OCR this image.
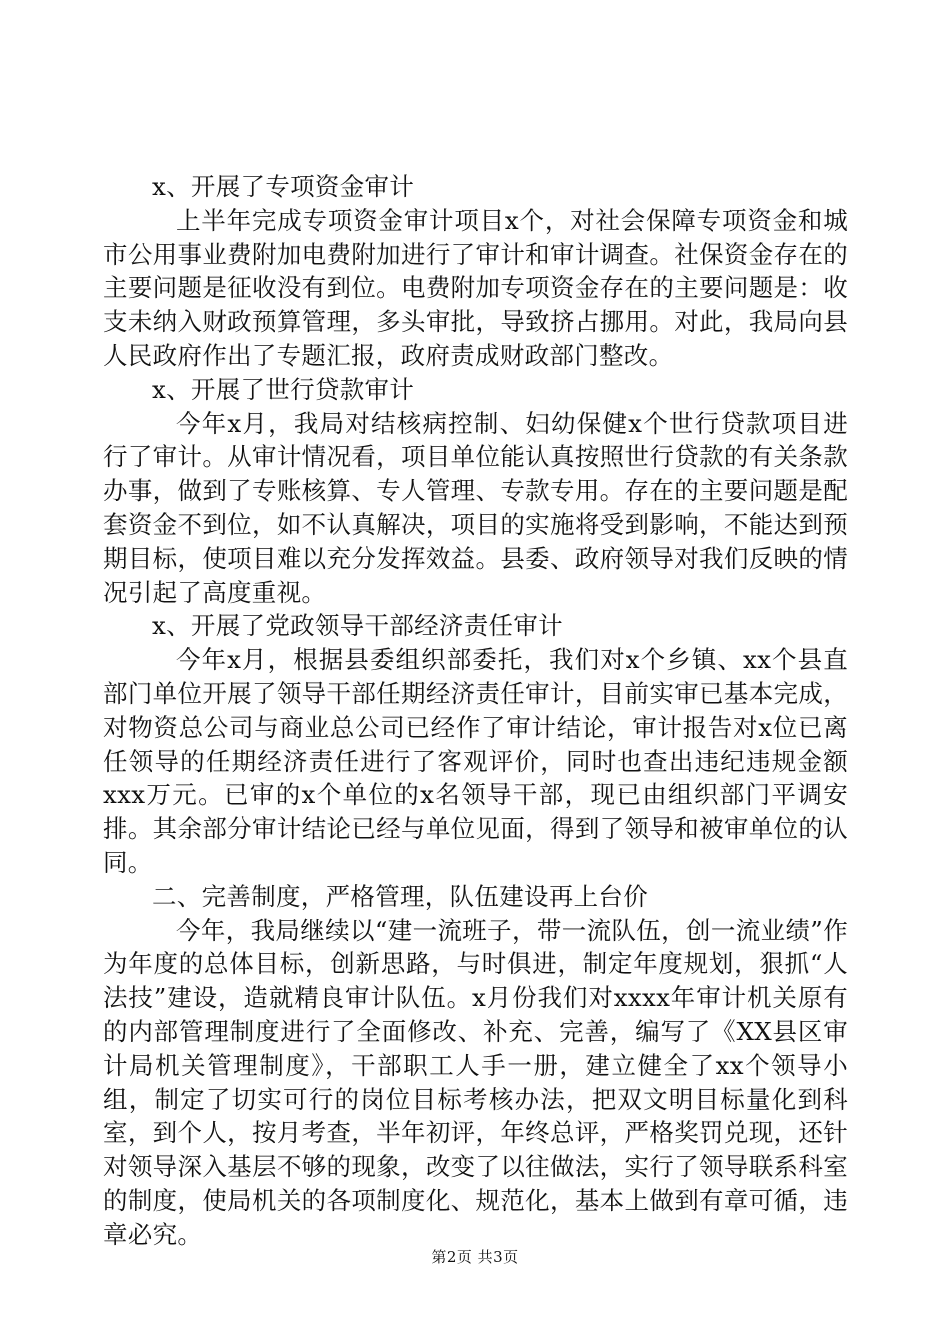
x、开展了专项资金审计

上半年完成专项资金审计项目x个，对社会保障专项资金和城市公用事业费附加电费附加进行了审计和审计调查。社保资金存在的主要问题是征收没有到位。电费附加专项资金存在的主要问题是：收支未纳入财政预算管理，多头审批，导致挤占挪用。对此，我局向县人民政府作出了专题汇报，政府责成财政部门整改。

x、开展了世行贷款审计

今年x月，我局对结核病控制、妇幼保健x个世行贷款项目进行了审计。从审计情况看，项目单位能认真按照世行贷款的有关条款办事，做到了专账核算、专人管理、专款专用。存在的主要问题是配套资金不到位，如不认真解决，项目的实施将受到影响，不能达到预期目标，使项目难以充分发挥效益。县委、政府领导对我们反映的情况引起了高度重视。

x、开展了党政领导干部经济责任审计

今年x月，根据县委组织部委托，我们对x个乡镇、xx个县直部门单位开展了领导干部任期经济责任审计，目前实审已基本完成，对物资总公司与商业总公司已经作了审计结论，审计报告对x位已离任领导的任期经济责任进行了客观评价，同时也查出违纪违规金额xxx万元。已审的x个单位的x名领导干部，现已由组织部门平调安排。其余部分审计结论已经与单位见面，得到了领导和被审单位的认同。

二、完善制度，严格管理，队伍建设再上台价

今年，我局继续以“建一流班子，带一流队伍，创一流业绩”作为年度的总体目标，创新思路，与时俱进，制定年度规划，狠抓“人法技”建设，造就精良审计队伍。x月份我们对xxxx年审计机关原有的内部管理制度进行了全面修改、补充、完善，编写了《XX县区审计局机关管理制度》，干部职工人手一册，建立健全了xx个领导小组，制定了切实可行的岗位目标考核办法，把双文明目标量化到科室，到个人，按月考查，半年初评，年终总评，严格奖罚兑现，还针对领导深入基层不够的现象，改变了以往做法，实行了领导联系科室的制度，使局机关的各项制度化、规范化，基本上做到有章可循，违章必究。

第2页 共3页
